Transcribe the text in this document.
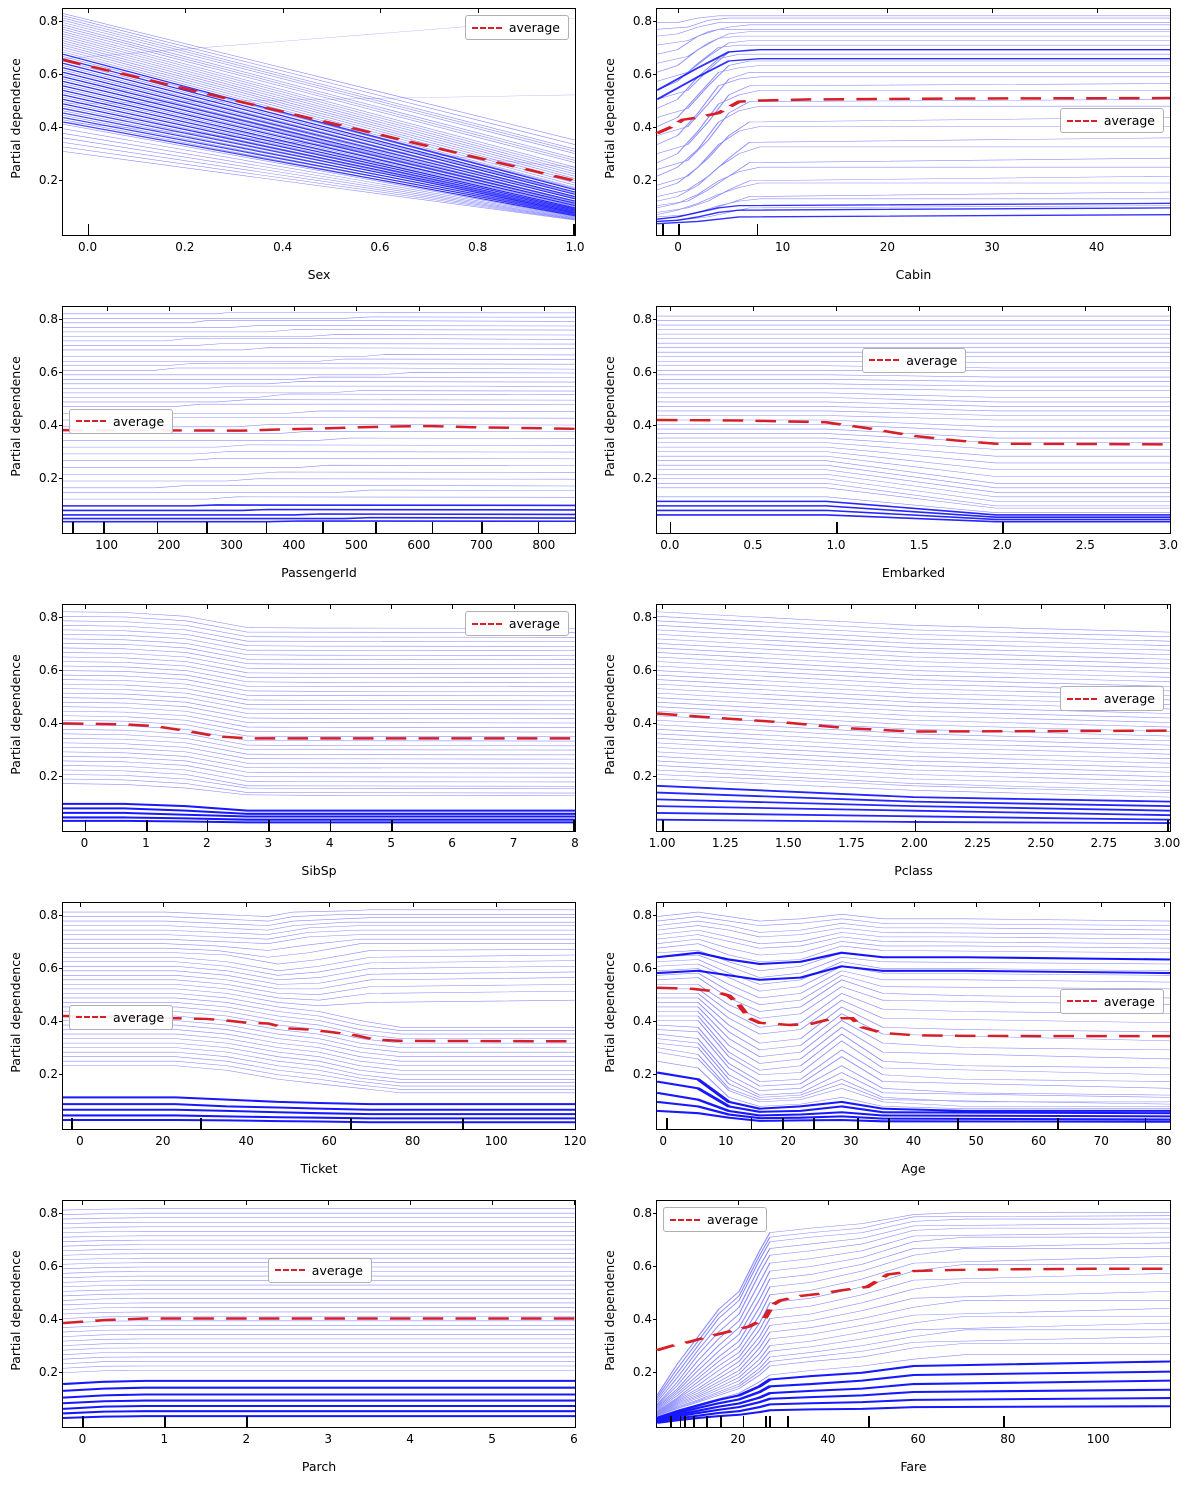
Partial dependence
0.8
0.6
0.4
0.2
0.0	0.2	0.4	0.6	0.8	1.0
average
Sex
Partial dependence
0.8
0.6
0.4
0.2
0	10	20	30	40
average
Cabin
Partial dependence
0.8
0.6
0.4
0.2
100	200	300	400	500	600	700	800
average
PassengerId
Partial dependence
0.8
0.6
0.4
0.2
0.0	0.5	1.0	1.5	2.0	2.5	3.0
average
Embarked
Partial dependence
0.8
0.6
0.4
0.2
0	1	2	3	4	5	6	7	8
average
SibSp
Partial dependence
0.8
0.6
0.4
0.2
1.00	1.25	1.50	1.75	2.00	2.25	2.50	2.75	3.00
average
Pclass
Partial dependence
0.8
0.6
0.4
0.2
0	20	40	60	80	100	120
average
Ticket
Partial dependence
0.8
0.6
0.4
0.2
0	10	20	30	40	50	60	70	80
average
Age
Partial dependence
0.8
0.6
0.4
0.2
0	1	2	3	4	5	6
average
Parch
Partial dependence
0.8
0.6
0.4
0.2
20	40	60	80	100
average
Fare
